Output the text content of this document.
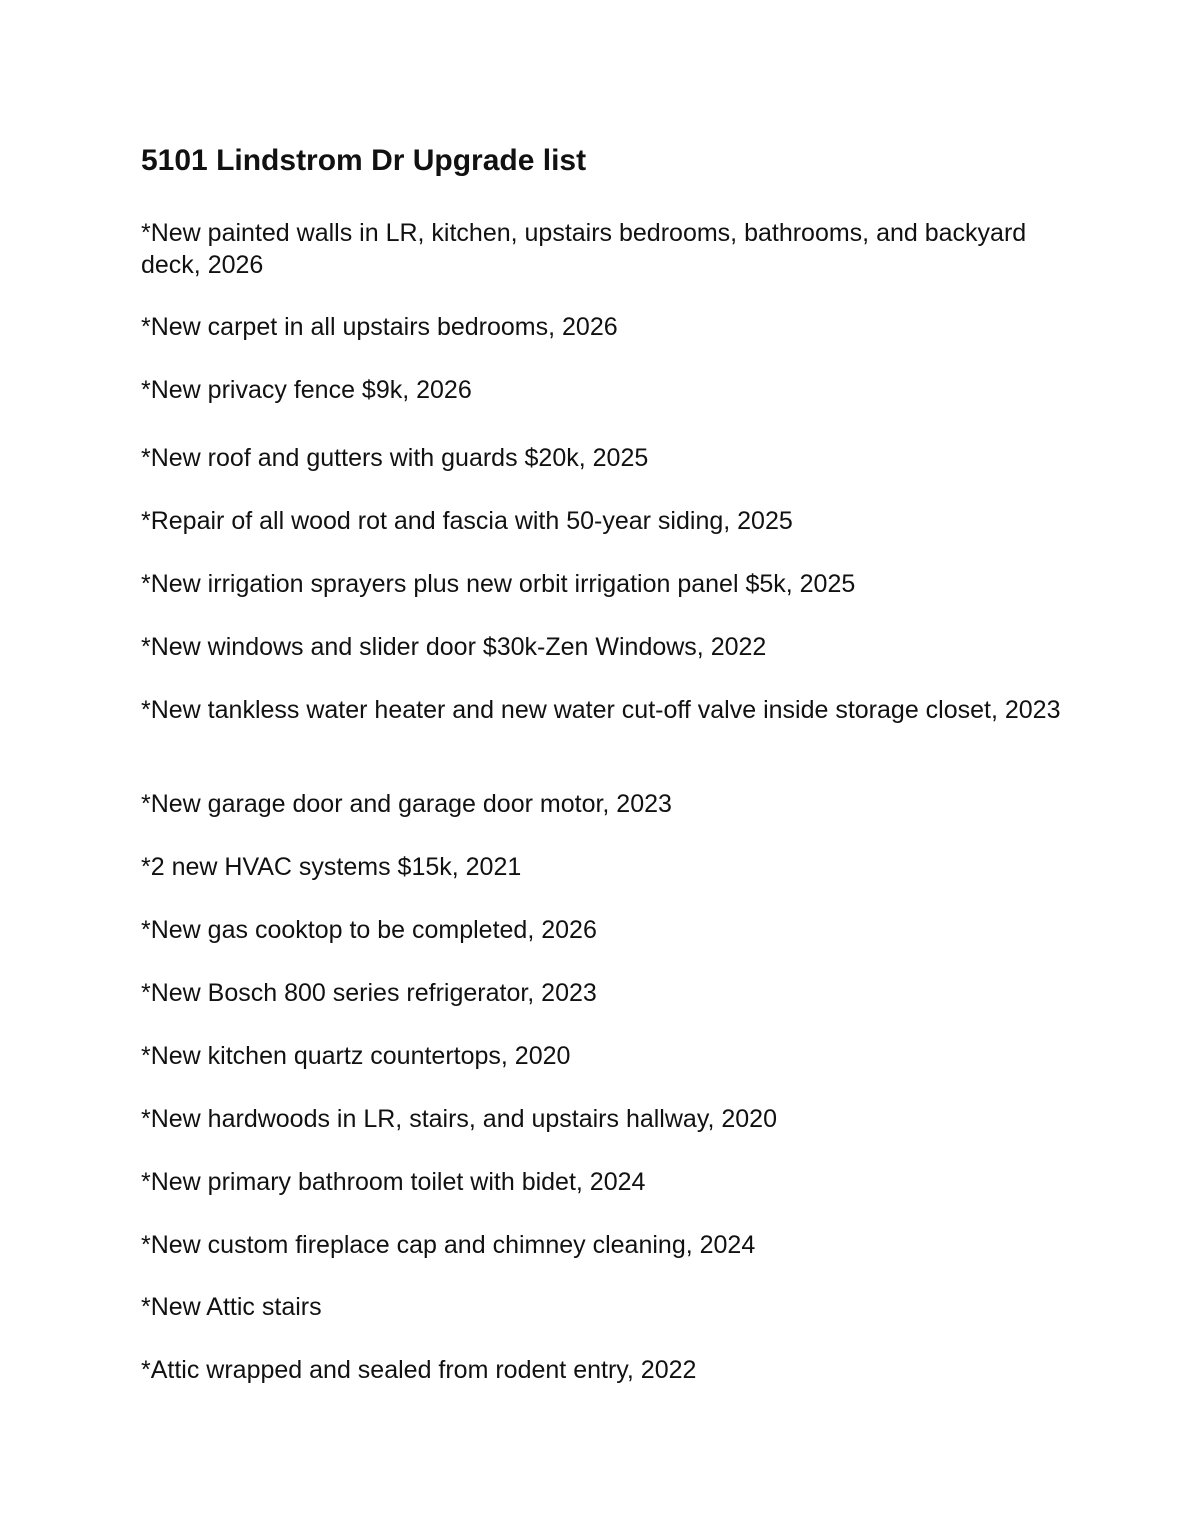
5101 Lindstrom Dr Upgrade list

*New painted walls in LR, kitchen, upstairs bedrooms, bathrooms, and backyard deck, 2026

*New carpet in all upstairs bedrooms, 2026

*New privacy fence $9k, 2026

*New roof and gutters with guards $20k, 2025

*Repair of all wood rot and fascia with 50-year siding, 2025

*New irrigation sprayers plus new orbit irrigation panel $5k, 2025

*New windows and slider door $30k-Zen Windows, 2022

*New tankless water heater and new water cut-off valve inside storage closet, 2023

*New garage door and garage door motor, 2023

*2 new HVAC systems $15k, 2021

*New gas cooktop to be completed, 2026

*New Bosch 800 series refrigerator, 2023

*New kitchen quartz countertops, 2020

*New hardwoods in LR, stairs, and upstairs hallway, 2020

*New primary bathroom toilet with bidet, 2024

*New custom fireplace cap and chimney cleaning, 2024

*New Attic stairs

*Attic wrapped and sealed from rodent entry, 2022
